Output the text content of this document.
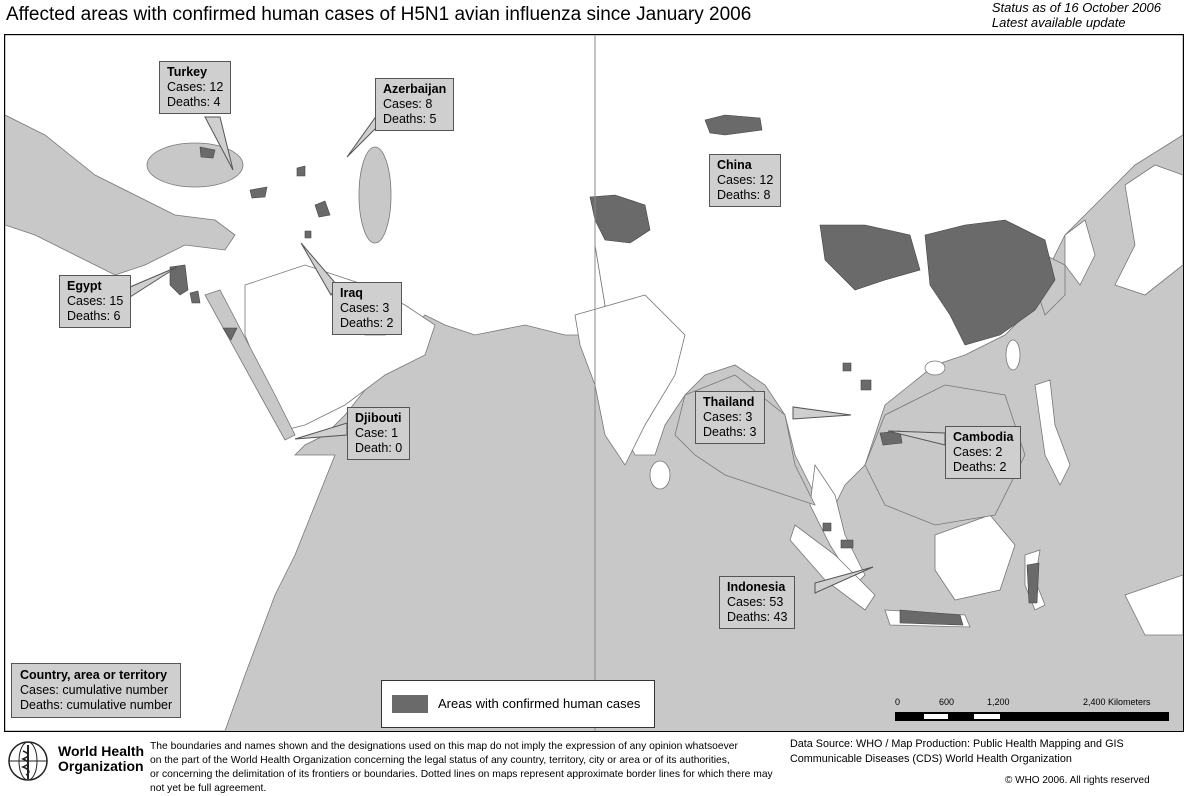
Affected areas with confirmed human cases of H5N1 avian influenza since January 2006	Status as of 16 October 2006
Latest available update
Turkey
Cases: 12
Deaths: 4
Azerbaijan
Cases: 8
Deaths: 5
China
Cases: 12
Deaths: 8
Egypt
Cases: 15
Deaths: 6
Iraq
Cases: 3
Deaths: 2
Djibouti
Case: 1
Death: 0
Thailand
Cases: 3
Deaths: 3	Cambodia
Cases: 2
Deaths: 2
Indonesia
Cases: 53
Deaths: 43
Country, area or territory
Cases: cumulative number
Deaths: cumulative number	Areas with confirmed human cases	0	600	1,200	2,400 Kilometers
World Health
Organization
The boundaries and names shown and the designations used on this map do not imply the expression of any opinion whatsoever
on the part of the World Health Organization concerning the legal status of any country, territory, city or area or of its authorities,
or concerning the delimitation of its frontiers or boundaries. Dotted lines on maps represent approximate border lines for which there may not yet be full agreement.
Data Source: WHO / Map Production: Public Health Mapping and GIS
Communicable Diseases (CDS) World Health Organization
© WHO 2006. All rights reserved
